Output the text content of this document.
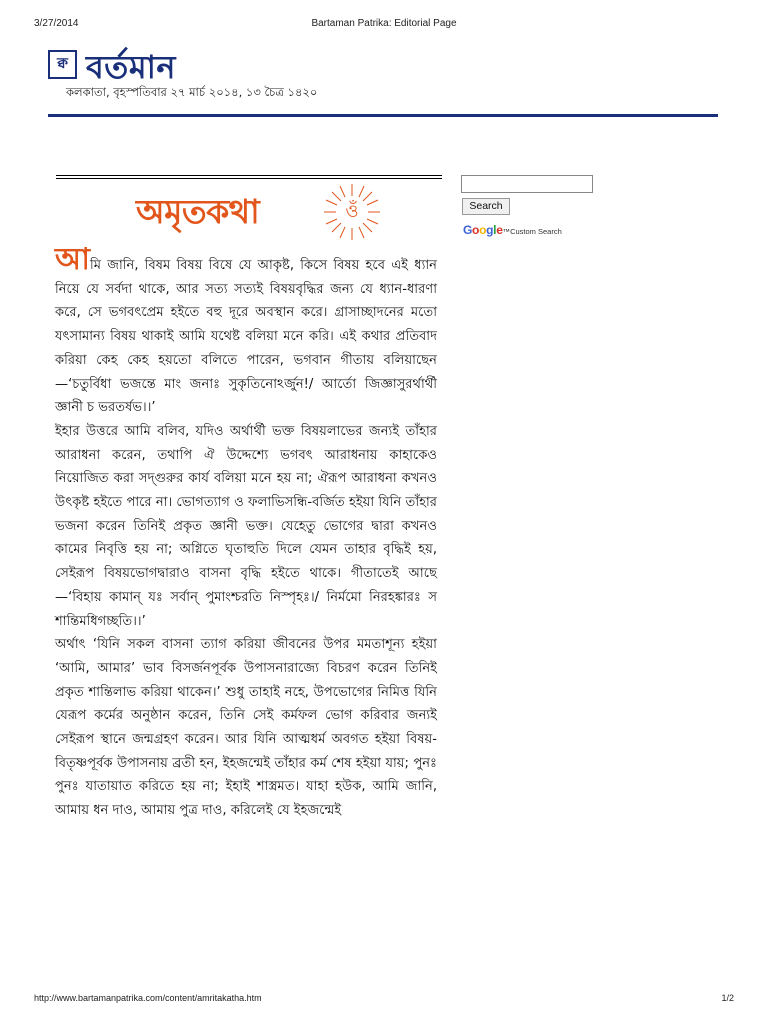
3/27/2014	Bartaman Patrika: Editorial Page
ক্ব বর্তমান
কলকাতা, বৃহস্পতিবার ২৭ মার্চ ২০১৪, ১৩ চৈত্র ১৪২০
অমৃতকথা	ওঁ	Search
Google™Custom Search

আমি জানি, বিষম বিষয় বিষে যে আকৃষ্ট, কিসে বিষয় হবে এই ধ্যান নিয়ে যে সর্বদা থাকে, আর সত্য সত্যই বিষয়বৃদ্ধির জন্য যে ধ্যান-ধারণা করে, সে ভগবৎপ্রেম হইতে বহু দূরে অবস্থান করে। গ্রাসাচ্ছাদনের মতো যৎসামান্য বিষয় থাকাই আমি যথেষ্ট বলিয়া মনে করি। এই কথার প্রতিবাদ করিয়া কেহ কেহ হয়তো বলিতে পারেন, ভগবান গীতায় বলিয়াছেন—‘চতুর্বিধা ভজন্তে মাং জনাঃ সুকৃতিনোঽর্জুন!/ আর্তো জিজ্ঞাসুরর্থার্থী জ্ঞানী চ ভরতর্ষভ।।’

ইহার উত্তরে আমি বলিব, যদিও অর্থার্থী ভক্ত বিষয়লাভের জন্যই তাঁহার আরাধনা করেন, তথাপি ঐ উদ্দেশ্যে ভগবৎ আরাধনায় কাহাকেও নিয়োজিত করা সদ্‌গুরুর কার্য বলিয়া মনে হয় না; ঐরূপ আরাধনা কখনও উৎকৃষ্ট হইতে পারে না। ভোগত্যাগ ও ফলাভিসন্ধি-বর্জিত হইয়া যিনি তাঁহার ভজনা করেন তিনিই প্রকৃত জ্ঞানী ভক্ত। যেহেতু ভোগের দ্বারা কখনও কামের নিবৃত্তি হয় না; অগ্নিতে ঘৃতাহুতি দিলে যেমন তাহার বৃদ্ধিই হয়, সেইরূপ বিষয়ভোগদ্বারাও বাসনা বৃদ্ধি হইতে থাকে। গীতাতেই আছে—‘বিহায় কামান্‌ যঃ সর্বান্‌ পুমাংশ্চরতি নিস্পৃহঃ।/ নির্মমো নিরহঙ্কারঃ স শান্তিমধিগচ্ছতি।।’

অর্থাৎ ‘যিনি সকল বাসনা ত্যাগ করিয়া জীবনের উপর মমতাশূন্য হইয়া ‘আমি, আমার’ ভাব বিসর্জনপূর্বক উপাসনারাজ্যে বিচরণ করেন তিনিই প্রকৃত শান্তিলাভ করিয়া থাকেন।’ শুধু তাহাই নহে, উপভোগের নিমিত্ত যিনি যেরূপ কর্মের অনুষ্ঠান করেন, তিনি সেই কর্মফল ভোগ করিবার জন্যই সেইরূপ স্থানে জন্মগ্রহণ করেন। আর যিনি আত্মধর্ম অবগত হইয়া বিষয়-বিতৃষ্ণপূর্বক উপাসনায় ব্রতী হন, ইহজন্মেই তাঁহার কর্ম শেষ হইয়া যায়; পুনঃ পুনঃ যাতায়াত করিতে হয় না; ইহাই শাস্ত্রমত। যাহা হউক, আমি জানি, আমায় ধন দাও, আমায় পুত্র দাও, করিলেই যে ইহজন্মেই

http://www.bartamanpatrika.com/content/amritakatha.htm	1/2
